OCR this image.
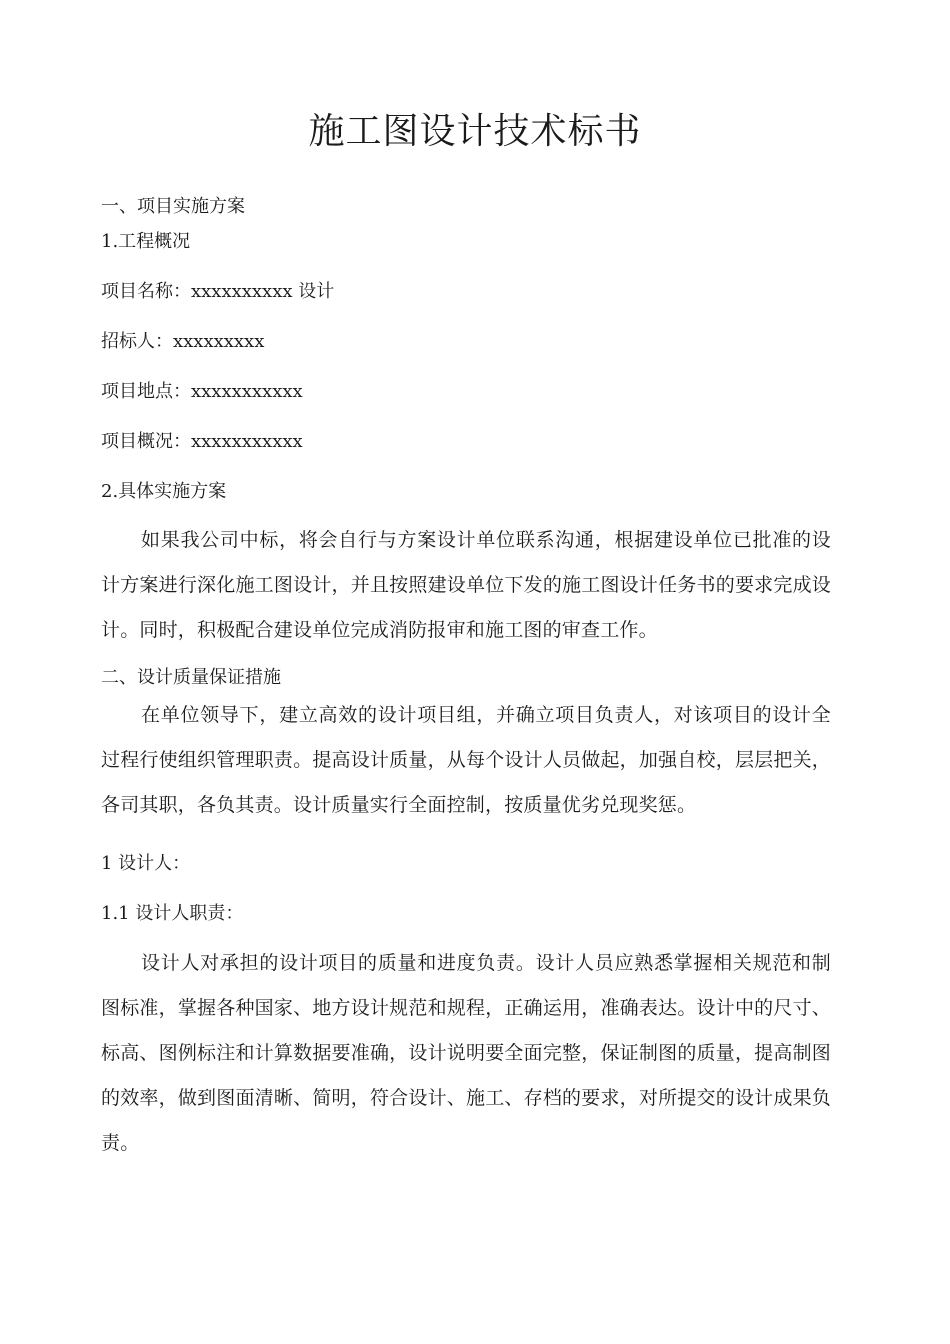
施工图设计技术标书

一、项目实施方案

1.工程概况

项目名称：xxxxxxxxxx 设计

招标人：xxxxxxxxx

项目地点：xxxxxxxxxxx

项目概况：xxxxxxxxxxx

2.具体实施方案

如果我公司中标，将会自行与方案设计单位联系沟通，根据建设单位已批准的设计方案进行深化施工图设计，并且按照建设单位下发的施工图设计任务书的要求完成设计。同时，积极配合建设单位完成消防报审和施工图的审查工作。

二、设计质量保证措施

在单位领导下，建立高效的设计项目组，并确立项目负责人，对该项目的设计全过程行使组织管理职责。提高设计质量，从每个设计人员做起，加强自校，层层把关，各司其职，各负其责。设计质量实行全面控制，按质量优劣兑现奖惩。

1 设计人：

1.1 设计人职责：

设计人对承担的设计项目的质量和进度负责。设计人员应熟悉掌握相关规范和制图标准，掌握各种国家、地方设计规范和规程，正确运用，准确表达。设计中的尺寸、标高、图例标注和计算数据要准确，设计说明要全面完整，保证制图的质量，提高制图的效率，做到图面清晰、简明，符合设计、施工、存档的要求，对所提交的设计成果负责。
